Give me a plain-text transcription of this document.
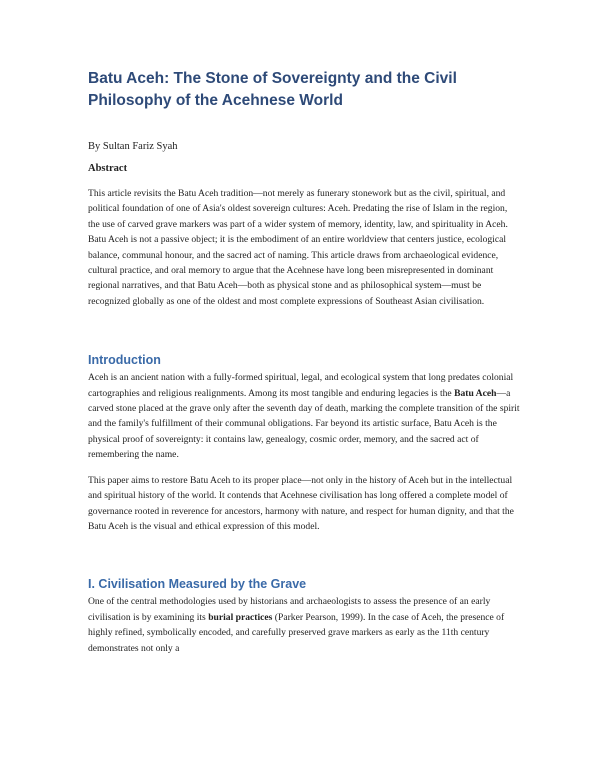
Batu Aceh: The Stone of Sovereignty and the Civil Philosophy of the Acehnese World

By Sultan Fariz Syah

Abstract

This article revisits the Batu Aceh tradition—not merely as funerary stonework but as the civil, spiritual, and political foundation of one of Asia's oldest sovereign cultures: Aceh. Predating the rise of Islam in the region, the use of carved grave markers was part of a wider system of memory, identity, law, and spirituality in Aceh. Batu Aceh is not a passive object; it is the embodiment of an entire worldview that centers justice, ecological balance, communal honour, and the sacred act of naming. This article draws from archaeological evidence, cultural practice, and oral memory to argue that the Acehnese have long been misrepresented in dominant regional narratives, and that Batu Aceh—both as physical stone and as philosophical system—must be recognized globally as one of the oldest and most complete expressions of Southeast Asian civilisation.

Introduction

Aceh is an ancient nation with a fully-formed spiritual, legal, and ecological system that long predates colonial cartographies and religious realignments. Among its most tangible and enduring legacies is the Batu Aceh—a carved stone placed at the grave only after the seventh day of death, marking the complete transition of the spirit and the family's fulfillment of their communal obligations. Far beyond its artistic surface, Batu Aceh is the physical proof of sovereignty: it contains law, genealogy, cosmic order, memory, and the sacred act of remembering the name.

This paper aims to restore Batu Aceh to its proper place—not only in the history of Aceh but in the intellectual and spiritual history of the world. It contends that Acehnese civilisation has long offered a complete model of governance rooted in reverence for ancestors, harmony with nature, and respect for human dignity, and that the Batu Aceh is the visual and ethical expression of this model.

I. Civilisation Measured by the Grave

One of the central methodologies used by historians and archaeologists to assess the presence of an early civilisation is by examining its burial practices (Parker Pearson, 1999). In the case of Aceh, the presence of highly refined, symbolically encoded, and carefully preserved grave markers as early as the 11th century demonstrates not only a
